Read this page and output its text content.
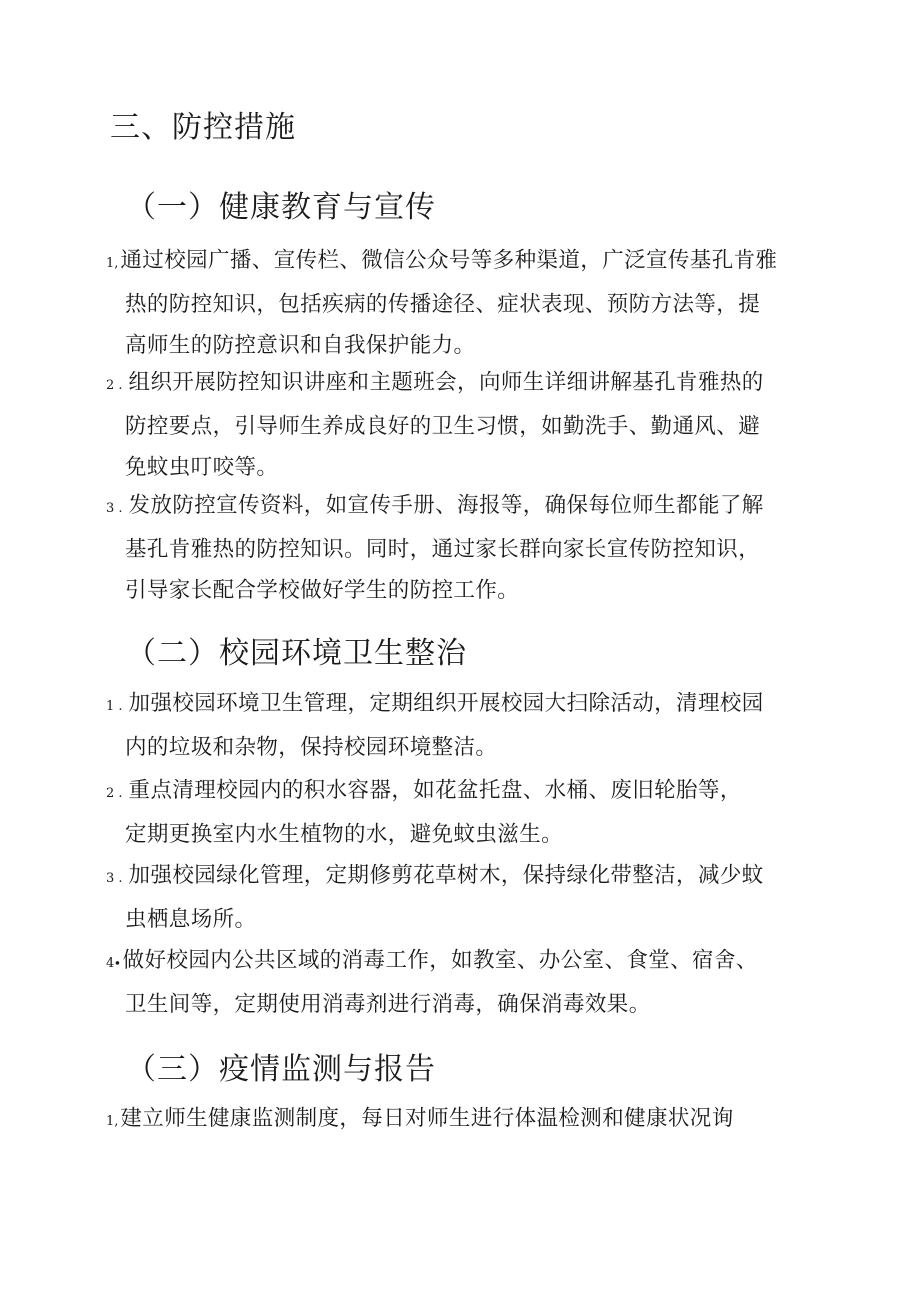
三、防控措施
（一）健康教育与宣传
1,通过校园广播、宣传栏、微信公众号等多种渠道，广泛宣传基孔肯雅
热的防控知识，包括疾病的传播途径、症状表现、预防方法等，提
高师生的防控意识和自我保护能力。
2 . 组织开展防控知识讲座和主题班会，向师生详细讲解基孔肯雅热的
防控要点，引导师生养成良好的卫生习惯，如勤洗手、勤通风、避
免蚊虫叮咬等。
3 . 发放防控宣传资料，如宣传手册、海报等，确保每位师生都能了解
基孔肯雅热的防控知识。同时，通过家长群向家长宣传防控知识，
引导家长配合学校做好学生的防控工作。
（二）校园环境卫生整治
1 . 加强校园环境卫生管理，定期组织开展校园大扫除活动，清理校园
内的垃圾和杂物，保持校园环境整洁。
2 . 重点清理校园内的积水容器，如花盆托盘、水桶、废旧轮胎等，
定期更换室内水生植物的水，避免蚊虫滋生。
3 . 加强校园绿化管理，定期修剪花草树木，保持绿化带整洁，减少蚊
虫栖息场所。
4∙做好校园内公共区域的消毒工作，如教室、办公室、食堂、宿舍、
卫生间等，定期使用消毒剂进行消毒，确保消毒效果。
（三）疫情监测与报告
1,建立师生健康监测制度，每日对师生进行体温检测和健康状况询
